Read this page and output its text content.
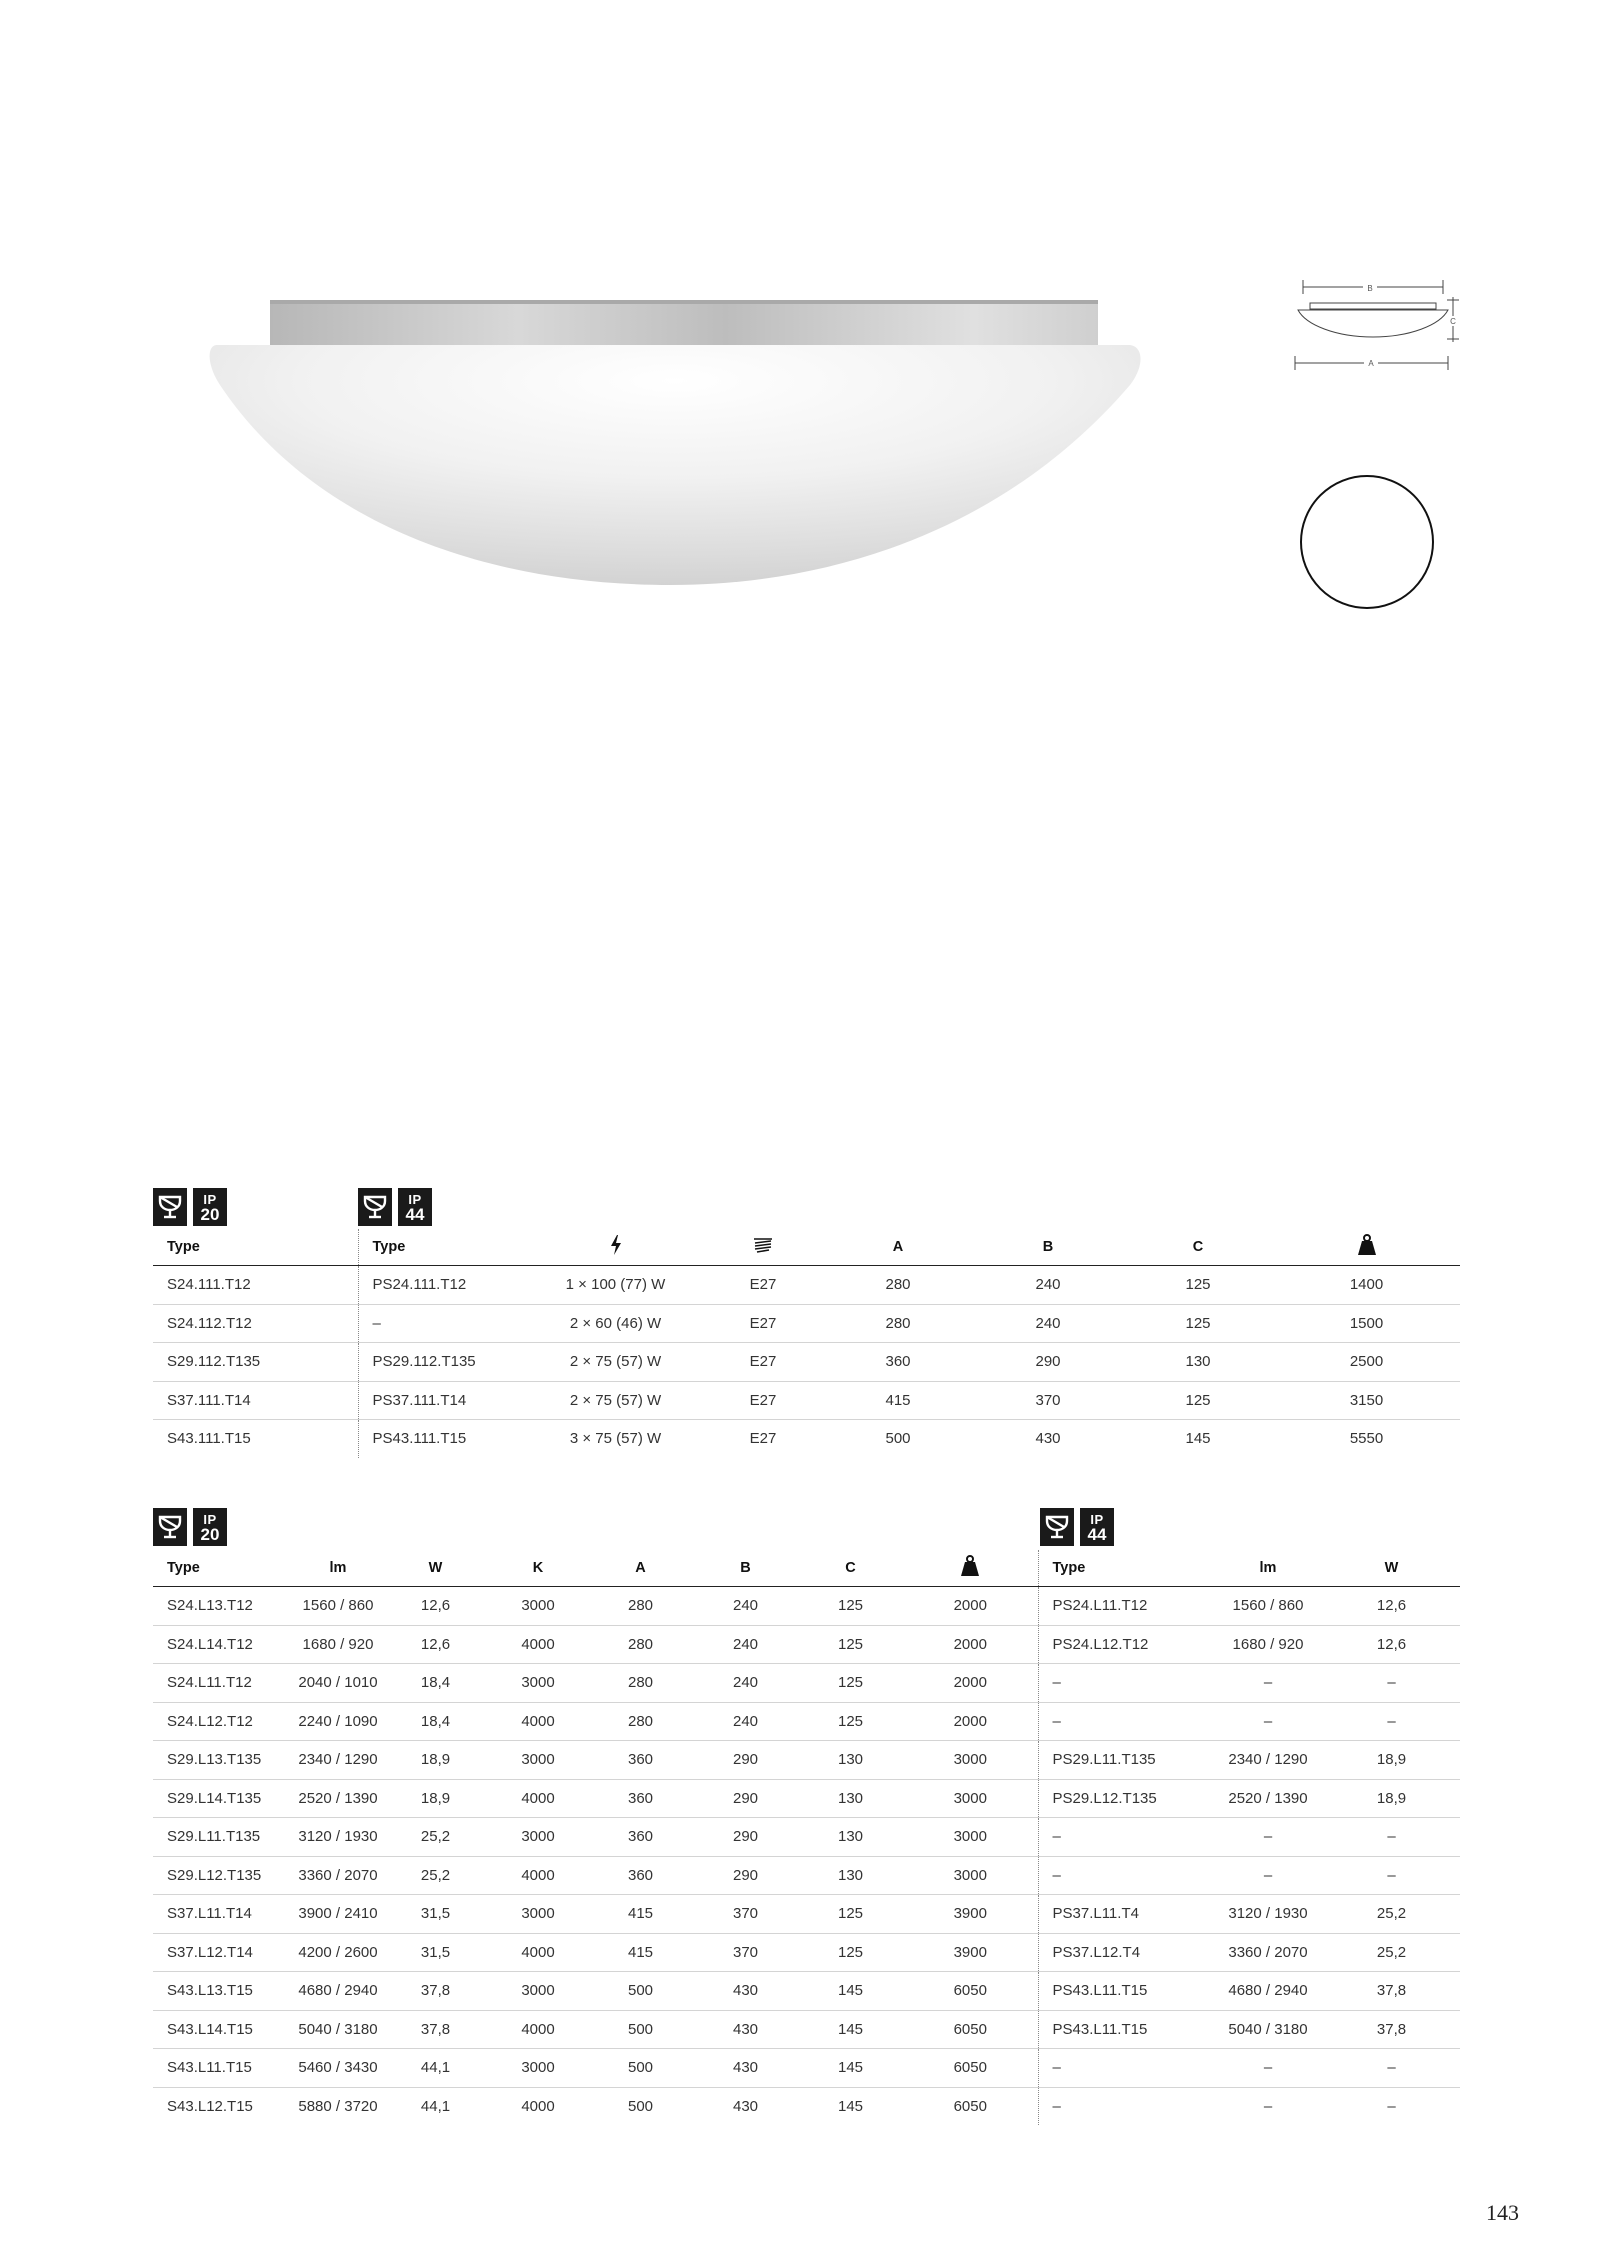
B
C
A
IP
20
IP
44
Type	Type			A	B	C	
S24.111.T12	PS24.111.T12	1 × 100 (77) W	E27	280	240	125	1400
S24.112.T12	–	2 × 60 (46) W	E27	280	240	125	1500
S29.112.T135	PS29.112.T135	2 × 75 (57) W	E27	360	290	130	2500
S37.111.T14	PS37.111.T14	2 × 75 (57) W	E27	415	370	125	3150
S43.111.T15	PS43.111.T15	3 × 75 (57) W	E27	500	430	145	5550
IP
20
IP
44
Type	lm	W	K	A	B	C		Type	lm	W
S24.L13.T12	1560 / 860	12,6	3000	280	240	125	2000	PS24.L11.T12	1560 / 860	12,6
S24.L14.T12	1680 / 920	12,6	4000	280	240	125	2000	PS24.L12.T12	1680 / 920	12,6
S24.L11.T12	2040 / 1010	18,4	3000	280	240	125	2000	–	–	–
S24.L12.T12	2240 / 1090	18,4	4000	280	240	125	2000	–	–	–
S29.L13.T135	2340 / 1290	18,9	3000	360	290	130	3000	PS29.L11.T135	2340 / 1290	18,9
S29.L14.T135	2520 / 1390	18,9	4000	360	290	130	3000	PS29.L12.T135	2520 / 1390	18,9
S29.L11.T135	3120 / 1930	25,2	3000	360	290	130	3000	–	–	–
S29.L12.T135	3360 / 2070	25,2	4000	360	290	130	3000	–	–	–
S37.L11.T14	3900 / 2410	31,5	3000	415	370	125	3900	PS37.L11.T4	3120 / 1930	25,2
S37.L12.T14	4200 / 2600	31,5	4000	415	370	125	3900	PS37.L12.T4	3360 / 2070	25,2
S43.L13.T15	4680 / 2940	37,8	3000	500	430	145	6050	PS43.L11.T15	4680 / 2940	37,8
S43.L14.T15	5040 / 3180	37,8	4000	500	430	145	6050	PS43.L11.T15	5040 / 3180	37,8
S43.L11.T15	5460 / 3430	44,1	3000	500	430	145	6050	–	–	–
S43.L12.T15	5880 / 3720	44,1	4000	500	430	145	6050	–	–	–
143
